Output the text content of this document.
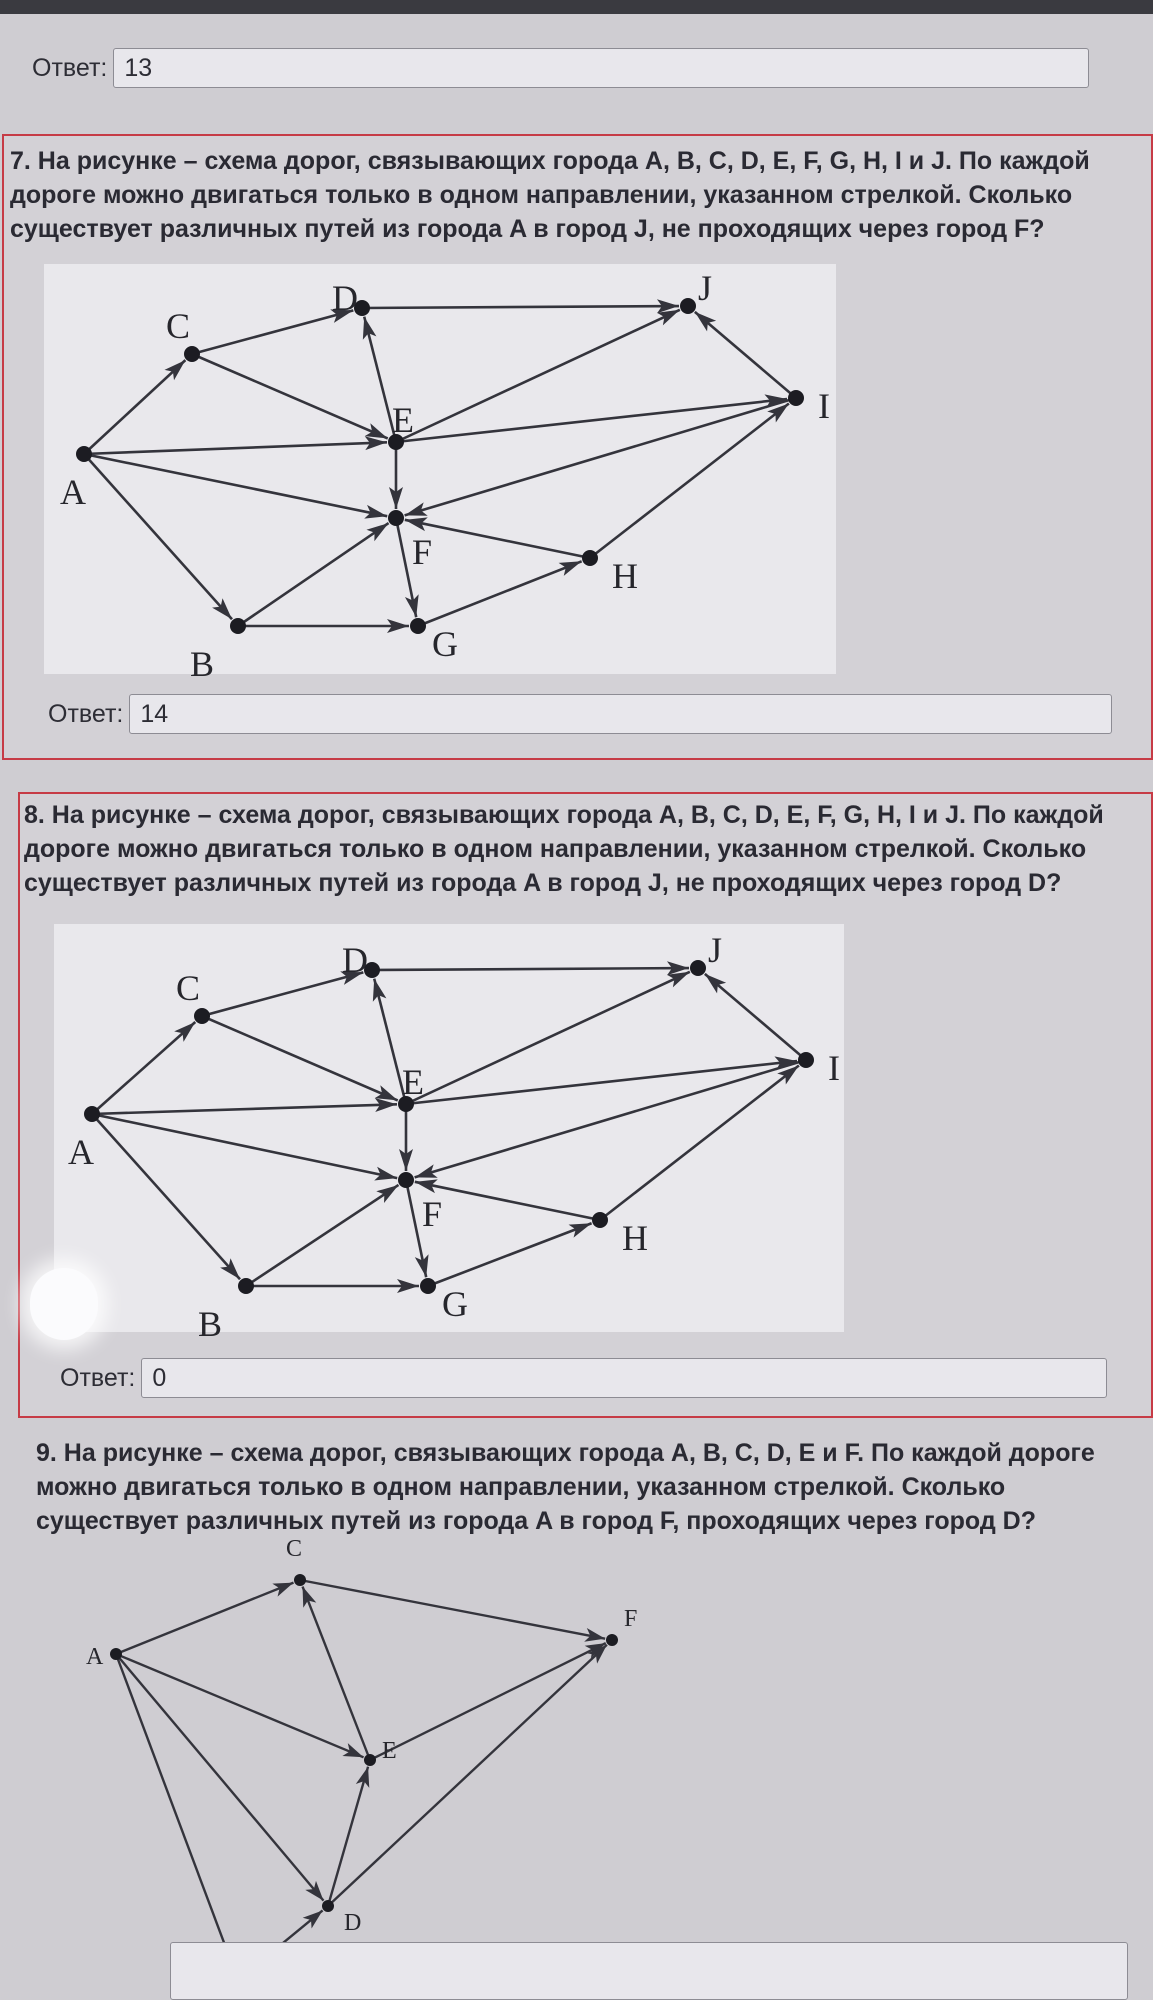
Ответ: 13
7. На рисунке – схема дорог, связывающих города A, B, C, D, E, F, G, H, I и J. По каждой дороге можно двигаться только в одном направлении, указанном стрелкой. Сколько существует различных путей из города A в город J, не проходящих через город F?
A
B
C
D
E
F
G
H
I
J
Ответ: 14
8. На рисунке – схема дорог, связывающих города A, B, C, D, E, F, G, H, I и J. По каждой дороге можно двигаться только в одном направлении, указанном стрелкой. Сколько существует различных путей из города A в город J, не проходящих через город D?
A
B
C
D
E
F
G
H
I
J
Ответ: 0
9. На рисунке – схема дорог, связывающих города A, B, C, D, E и F. По каждой дороге можно двигаться только в одном направлении, указанном стрелкой. Сколько существует различных путей из города A в город F, проходящих через город D?
A
C
D
E
F
